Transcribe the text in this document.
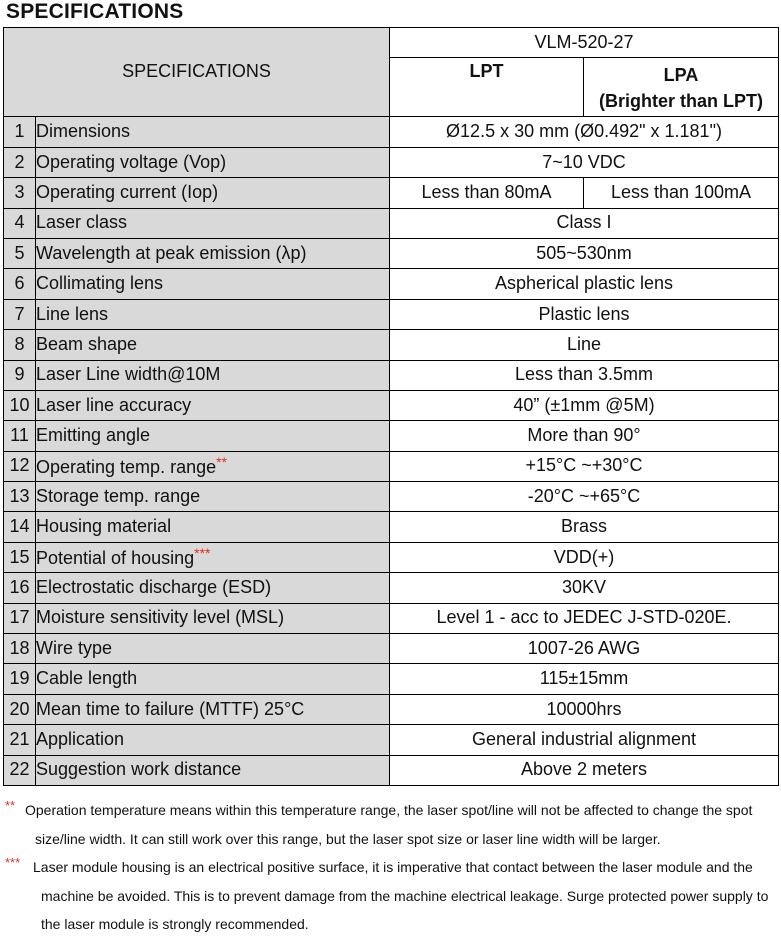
SPECIFICATIONS
SPECIFICATIONS		VLM-520-27	
		LPT	LPA
(Brighter than LPT)
1	Dimensions	Ø12.5 x 30 mm (Ø0.492" x 1.181")	
2	Operating voltage (Vop)	7~10 VDC	
3	Operating current (Iop)	Less than 80mA	Less than 100mA
4	Laser class	Class I	
5	Wavelength at peak emission (λp)	505~530nm	
6	Collimating lens	Aspherical plastic lens	
7	Line lens	Plastic lens	
8	Beam shape	Line	
9	Laser Line width@10M	Less than 3.5mm	
10	Laser line accuracy	40” (±1mm @5M)	
11	Emitting angle	More than 90°	
12	Operating temp. range**	+15°C ~+30°C	
13	Storage temp. range	-20°C ~+65°C	
14	Housing material	Brass	
15	Potential of housing***	VDD(+)	
16	Electrostatic discharge (ESD)	30KV	
17	Moisture sensitivity level (MSL)	Level 1 - acc to JEDEC J-STD-020E.	
18	Wire type	1007-26 AWG	
19	Cable length	115±15mm	
20	Mean time to failure (MTTF) 25°C	10000hrs	
21	Application	General industrial alignment	
22	Suggestion work distance	Above 2 meters	
** Operation temperature means within this temperature range, the laser spot/line will not be affected to change the spot
size/line width. It can still work over this range, but the laser spot size or laser line width will be larger.
*** Laser module housing is an electrical positive surface, it is imperative that contact between the laser module and the
machine be avoided. This is to prevent damage from the machine electrical leakage. Surge protected power supply to
the laser module is strongly recommended.
